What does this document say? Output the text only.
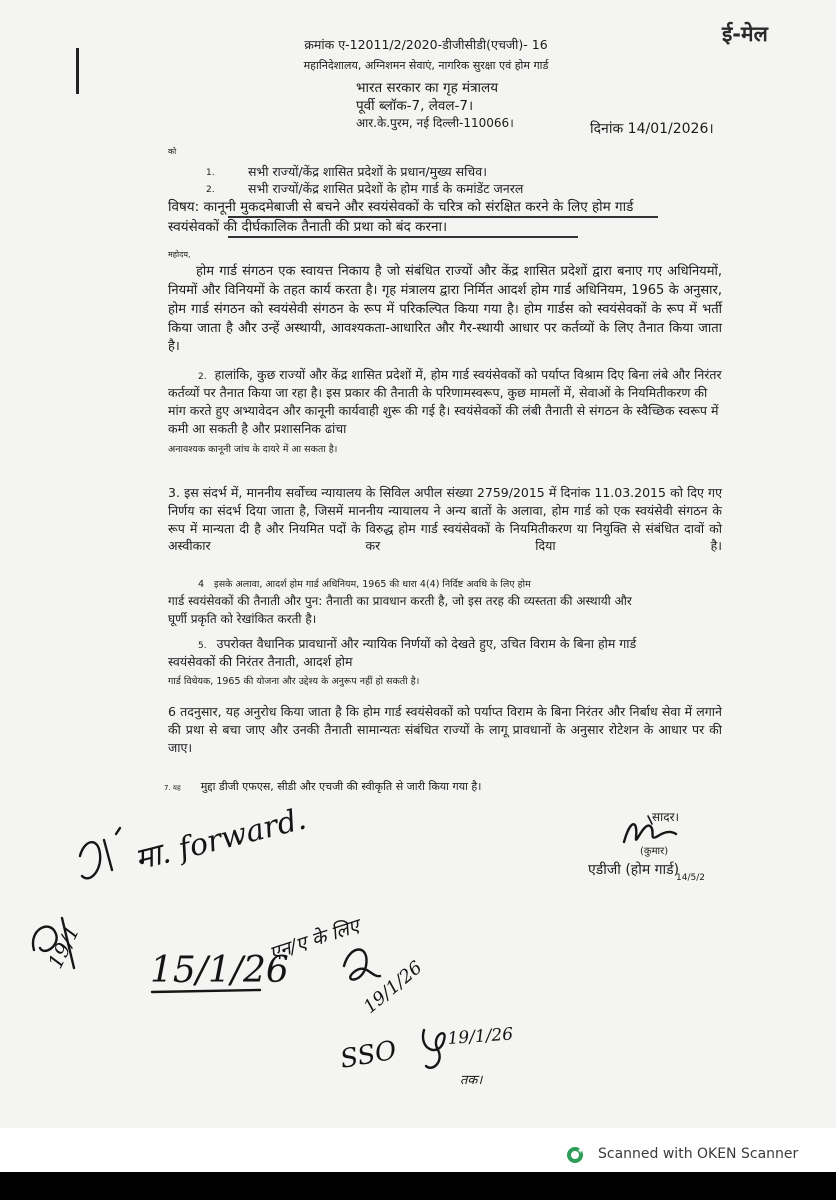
ई-मेल
क्रमांक ए-12011/2/2020-डीजीसीडी(एचजी)- 16
महानिदेशालय, अग्निशमन सेवाएं, नागरिक सुरक्षा एवं होम गार्ड
भारत सरकार का गृह मंत्रालय
पूर्वी ब्लॉक-7, लेवल-7।
आर.के.पुरम, नई दिल्ली-110066।	दिनांक 14/01/2026।
को
1.	सभी राज्यों/केंद्र शासित प्रदेशों के प्रधान/मुख्य सचिव।
2.	सभी राज्यों/केंद्र शासित प्रदेशों के होम गार्ड के कमांडेंट जनरल
विषय: कानूनी मुकदमेबाजी से बचने और स्वयंसेवकों के चरित्र को संरक्षित करने के लिए होम गार्ड स्वयंसेवकों की दीर्घकालिक तैनाती की प्रथा को बंद करना।
महोदय,

होम गार्ड संगठन एक स्वायत्त निकाय है जो संबंधित राज्यों और केंद्र शासित प्रदेशों द्वारा बनाए गए अधिनियमों, नियमों और विनियमों के तहत कार्य करता है। गृह मंत्रालय द्वारा निर्मित आदर्श होम गार्ड अधिनियम, 1965 के अनुसार, होम गार्ड संगठन को स्वयंसेवी संगठन के रूप में परिकल्पित किया गया है। होम गार्डस को स्वयंसेवकों के रूप में भर्ती किया जाता है और उन्हें अस्थायी, आवश्यकता-आधारित और गैर-स्थायी आधार पर कर्तव्यों के लिए तैनात किया जाता है।

2. हालांकि, कुछ राज्यों और केंद्र शासित प्रदेशों में, होम गार्ड स्वयंसेवकों को पर्याप्त विश्राम दिए बिना लंबे और निरंतर कर्तव्यों पर तैनात किया जा रहा है। इस प्रकार की तैनाती के परिणामस्वरूप, कुछ मामलों में, सेवाओं के नियमितीकरण की मांग करते हुए अभ्यावेदन और कानूनी कार्यवाही शुरू की गई है। स्वयंसेवकों की लंबी तैनाती से संगठन के स्वैच्छिक स्वरूप में कमी आ सकती है और प्रशासनिक ढांचा
अनावश्यक कानूनी जांच के दायरे में आ सकता है।

3. इस संदर्भ में, माननीय सर्वोच्च न्यायालय के सिविल अपील संख्या 2759/2015 में दिनांक 11.03.2015 को दिए गए निर्णय का संदर्भ दिया जाता है, जिसमें माननीय न्यायालय ने अन्य बातों के अलावा, होम गार्ड को एक स्वयंसेवी संगठन के रूप में मान्यता दी है और नियमित पदों के विरुद्ध होम गार्ड स्वयंसेवकों के नियमितीकरण या नियुक्ति से संबंधित दावों को अस्वीकार कर दिया है।

4 इसके अलावा, आदर्श होम गार्ड अधिनियम, 1965 की धारा 4(4) निर्दिष्ट अवधि के लिए होम
गार्ड स्वयंसेवकों की तैनाती और पुन: तैनाती का प्रावधान करती है, जो इस तरह की व्यस्तता की अस्थायी और घूर्णी प्रकृति को रेखांकित करती है।
5. उपरोक्त वैधानिक प्रावधानों और न्यायिक निर्णयों को देखते हुए, उचित विराम के बिना होम गार्ड स्वयंसेवकों की निरंतर तैनाती, आदर्श होम
गार्ड विधेयक, 1965 की योजना और उद्देश्य के अनुरूप नहीं हो सकती है।

6 तदनुसार, यह अनुरोध किया जाता है कि होम गार्ड स्वयंसेवकों को पर्याप्त विराम के बिना निरंतर और निर्बाध सेवा में लगाने की प्रथा से बचा जाए और उनकी तैनाती सामान्यतः संबंधित राज्यों के लागू प्रावधानों के अनुसार रोटेशन के आधार पर की जाए।

7. यह मुद्दा डीजी एफएस, सीडी और एचजी की स्वीकृति से जारी किया गया है।
सादर।
(कुमार)
एडीजी (होम गार्ड)
14/5/2
मा. forward.
15/1/26
19/1	एन/ए के लिए
19/1/26
SSO	19/1/26
तक।
Scanned with OKEN Scanner
